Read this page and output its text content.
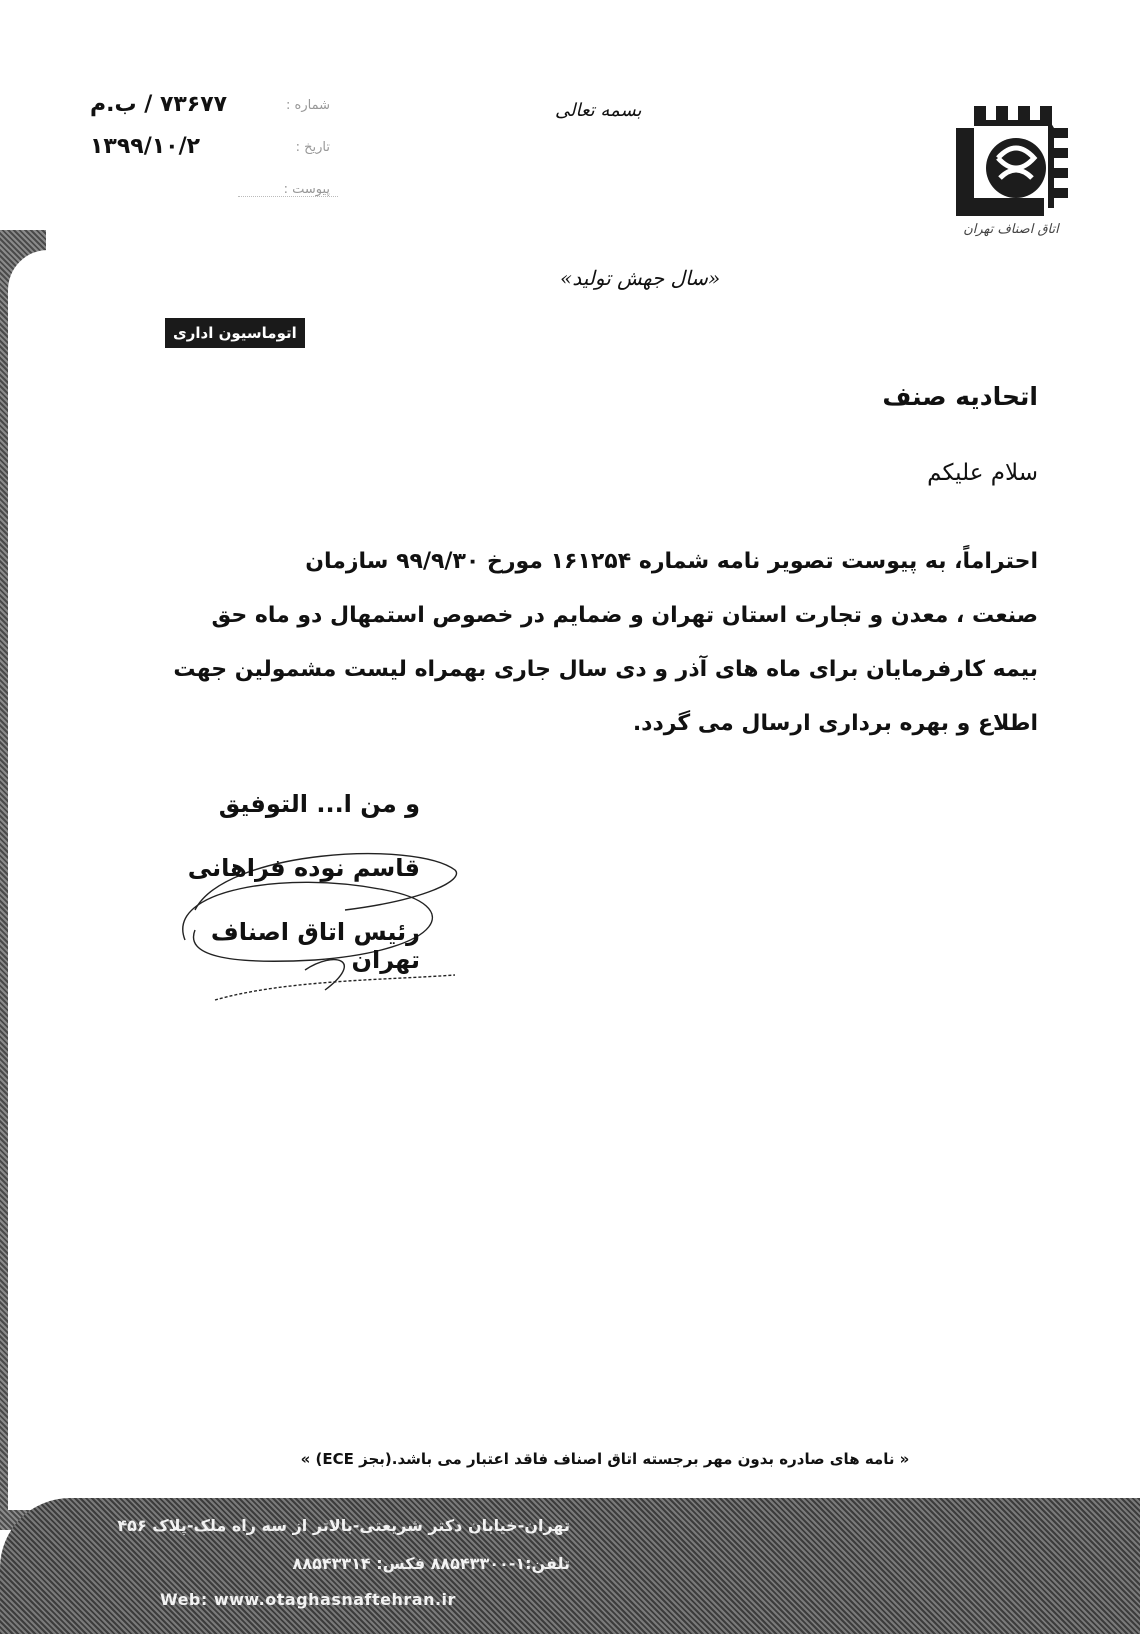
۷۳۶۷۷ / ب.م	شماره :
۱۳۹۹/۱۰/۲	تاریخ :
پیوست :
بسمه تعالی
اتاق اصناف تهران
«سال جهش تولید»
اتوماسیون اداری
اتحادیه صنف
سلام علیکم
احتراماً، به پیوست تصویر نامه شماره ۱۶۱۲۵۴ مورخ ۹۹/۹/۳۰ سازمان
صنعت ، معدن و تجارت استان تهران و ضمایم در خصوص استمهال دو ماه حق
بیمه کارفرمایان برای ماه های آذر و دی سال جاری بهمراه لیست مشمولین جهت
اطلاع و بهره برداری ارسال می گردد.
و من ا... التوفیق
قاسم نوده فراهانی
رئیس اتاق اصناف تهران
« نامه های صادره بدون مهر برجسته اتاق اصناف فاقد اعتبار می باشد.(بجز ECE) »
تهران-خیابان دکتر شریعتی-بالاتر از سه راه ملک-پلاک ۴۵۶
تلفن:۱-۸۸۵۴۳۳۰۰ فکس: ۸۸۵۴۳۳۱۴
Web: www.otaghasnaftehran.ir
